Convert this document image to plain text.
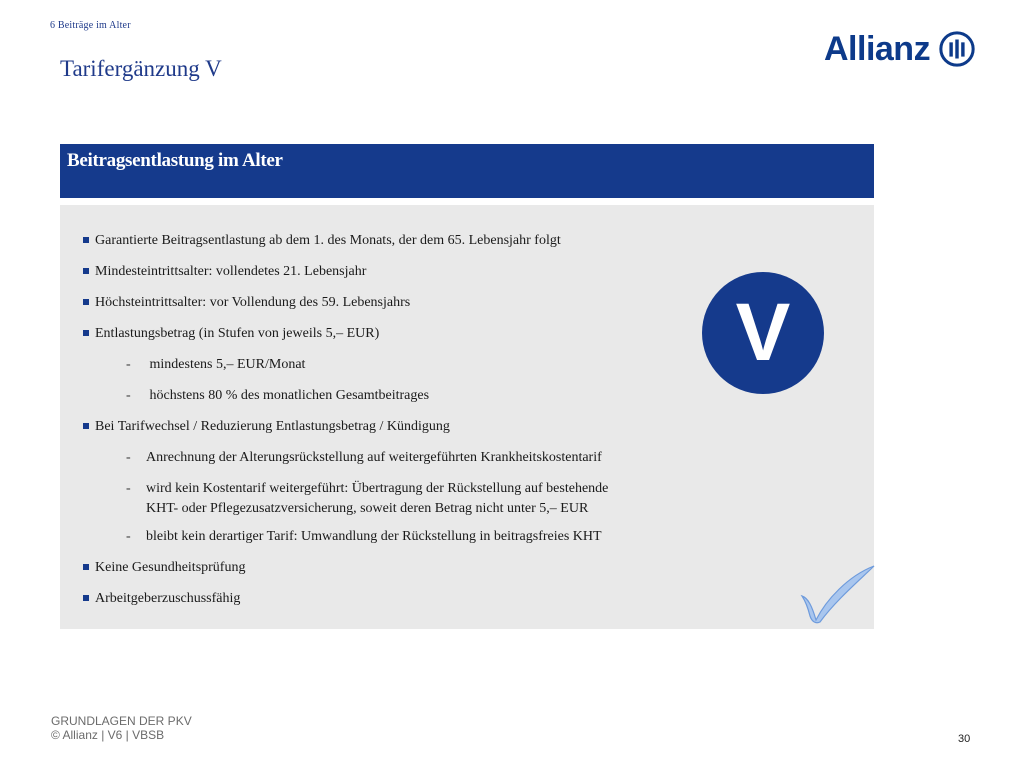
6 Beiträge im Alter
Tarifergänzung V
Allianz
Beitragsentlastung im Alter
Garantierte Beitragsentlastung ab dem 1. des Monats, der dem 65. Lebensjahr folgt
Mindesteintrittsalter: vollendetes 21. Lebensjahr
Höchsteintrittsalter: vor Vollendung des 59. Lebensjahrs
Entlastungsbetrag (in Stufen von jeweils 5,– EUR)
- mindestens 5,– EUR/Monat
- höchstens 80 % des monatlichen Gesamtbeitrages
Bei Tarifwechsel / Reduzierung Entlastungsbetrag / Kündigung
- Anrechnung der Alterungsrückstellung auf weitergeführten Krankheitskostentarif
- wird kein Kostentarif weitergeführt: Übertragung der Rückstellung auf bestehende
KHT- oder Pflegezusatzversicherung, soweit deren Betrag nicht unter 5,– EUR
- bleibt kein derartiger Tarif: Umwandlung der Rückstellung in beitragsfreies KHT
Keine Gesundheitsprüfung
Arbeitgeberzuschussfähig
V
GRUNDLAGEN DER PKV
© Allianz | V6 | VBSB	30
